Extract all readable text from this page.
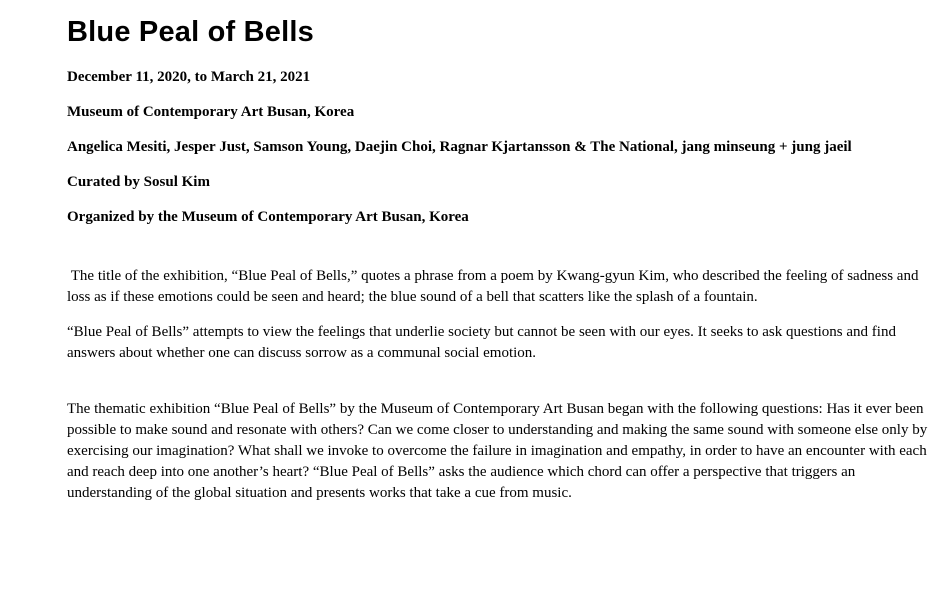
Blue Peal of Bells

December 11, 2020, to March 21, 2021

Museum of Contemporary Art Busan, Korea

Angelica Mesiti, Jesper Just, Samson Young, Daejin Choi, Ragnar Kjartansson & The National, jang minseung + jung jaeil

Curated by Sosul Kim

Organized by the Museum of Contemporary Art Busan, Korea

The title of the exhibition, “Blue Peal of Bells,” quotes a phrase from a poem by Kwang-gyun Kim, who described the feeling of sadness and loss as if these emotions could be seen and heard; the blue sound of a bell that scatters like the splash of a fountain.

“Blue Peal of Bells” attempts to view the feelings that underlie society but cannot be seen with our eyes. It seeks to ask questions and find answers about whether one can discuss sorrow as a communal social emotion.

The thematic exhibition “Blue Peal of Bells” by the Museum of Contemporary Art Busan began with the following questions: Has it ever been possible to make sound and resonate with others? Can we come closer to understanding and making the same sound with someone else only by exercising our imagination? What shall we invoke to overcome the failure in imagination and empathy, in order to have an encounter with each and reach deep into one another’s heart? “Blue Peal of Bells” asks the audience which chord can offer a perspective that triggers an understanding of the global situation and presents works that take a cue from music.
